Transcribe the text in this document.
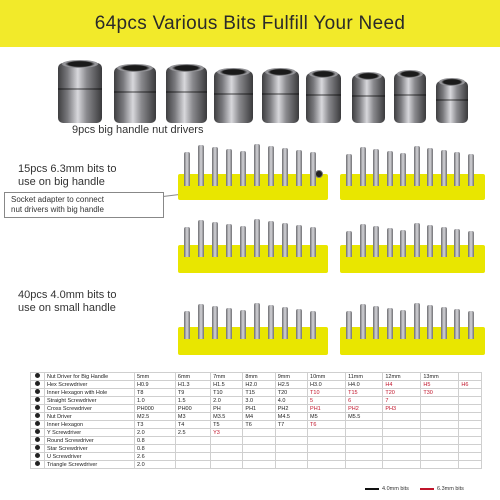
64pcs Various Bits Fulfill Your Need
9pcs big handle nut drivers
15pcs 6.3mm bits to
use on big handle
Socket adapter to connect
nut drivers with big handle
40pcs 4.0mm bits to
use on small handle
	Nut Driver for Big Handle	5mm	6mm	7mm	8mm	9mm	10mm	11mm	12mm	13mm	
	Hex Screwdriver	H0.9	H1.3	H1.5	H2.0	H2.5	H3.0	H4.0	H4	H5	H6
	Inner Hexagon with Hole	T8	T9	T10	T15	T20	T10	T15	T20	T30	
	Straight Screwdriver	1.0	1.5	2.0	3.0	4.0	5	6	7		
	Cross Screwdriver	PH000	PH00	PH	PH1	PH2	PH1	PH2	PH3		
	Nut Driver	M2.5	M3	M3.5	M4	M4.5	M5	M5.5			
	Inner Hexagon	T3	T4	T5	T6	T7	T6				
	Y Screwdriver	2.0	2.5	Y3							
	Round Screwdriver	0.8									
	Star Screwdriver	0.8									
	U Screwdriver	2.6									
	Triangle Screwdriver	2.0									
4.0mm bits	6.3mm bits
